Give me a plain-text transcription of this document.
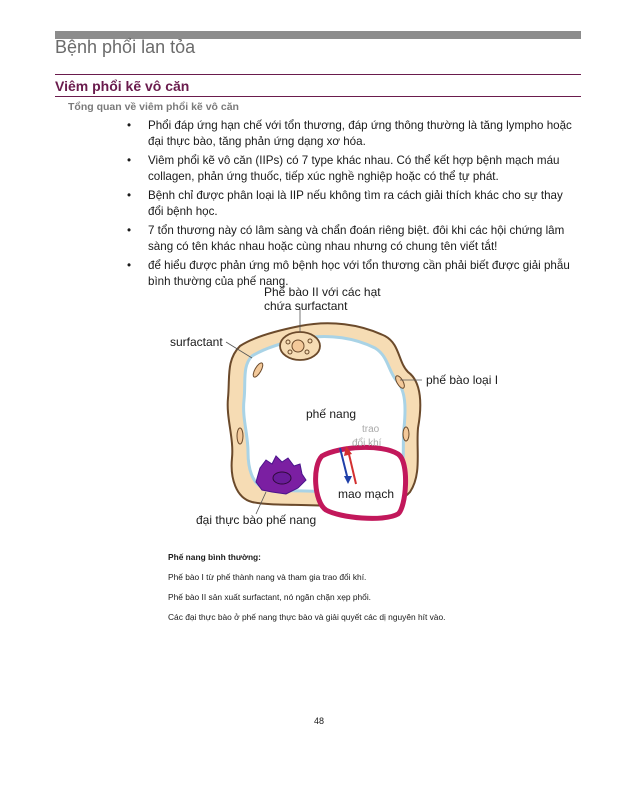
Bệnh phổi lan tỏa
Viêm phổi kẽ vô căn
Tổng quan về viêm phổi kẽ vô căn
• Phổi đáp ứng hạn chế với tổn thương, đáp ứng thông thường là tăng lympho hoặc đại thực bào, tăng phản ứng dạng xơ hóa.
• Viêm phổi kẽ vô căn (IIPs) có 7 type khác nhau. Có thể kết hợp bệnh mạch máu collagen, phản ứng thuốc, tiếp xúc nghề nghiệp hoặc có thể tự phát.
• Bệnh chỉ được phân loại là IIP nếu không tìm ra cách giải thích khác cho sự thay đổi bệnh học.
• 7 tổn thương này có lâm sàng và chẩn đoán riêng biệt. đôi khi các hội chứng lâm sàng có tên khác nhau hoặc cùng nhau nhưng có chung tên viết tắt!
• để hiểu được phản ứng mô bệnh học với tổn thương cần phải biết được giải phẫu bình thường của phế nang.
Phế bào II với các hạt
chứa surfactant
surfactant
phế bào loại I
phế nang
trao
đổi khí
mao mạch
đại thực bào phế nang

Phế nang bình thường:

Phế bào I từ phế thành nang và tham gia trao đổi khí.

Phế bào II sản xuất surfactant, nó ngăn chặn xẹp phổi.

Các đại thực bào ở phế nang thực bào và giải quyết các dị nguyên hít vào.

48
